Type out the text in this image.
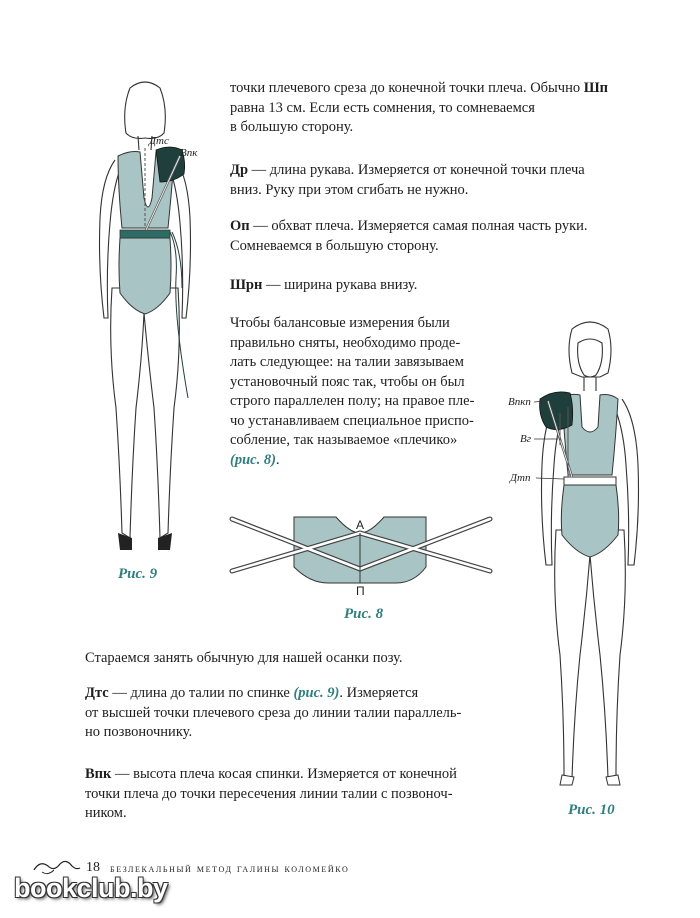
Дтс
Впк
Рис. 9
точки плечевого среза до конечной точки плеча. Обычно Шп
равна 13 см. Если есть сомнения, то сомневаемся
в большую сторону.
Др — длина рукава. Измеряется от конечной точки плеча
вниз. Руку при этом сгибать не нужно.
Оп — обхват плеча. Измеряется самая полная часть руки.
Сомневаемся в большую сторону.
Шрн — ширина рукава внизу.
Чтобы балансовые измерения были
правильно сняты, необходимо проде-
лать следующее: на талии завязываем
установочный пояс так, чтобы он был
строго параллелен полу; на правое пле-
чо устанавливаем специальное приспо-
собление, так называемое «плечико»
(рис. 8).
А
П
Рис. 8
Впкп
Вг
Дтп
Рис. 10
Стараемся занять обычную для нашей осанки позу.
Дтс — длина до талии по спинке (рис. 9). Измеряется
от высшей точки плечевого среза до линии талии параллель-
но позвоночнику.
Впк — высота плеча косая спинки. Измеряется от конечной
точки плеча до точки пересечения линии талии с позвоноч-
ником.
18 безлекальный метод галины коломейко
bookclub.by
